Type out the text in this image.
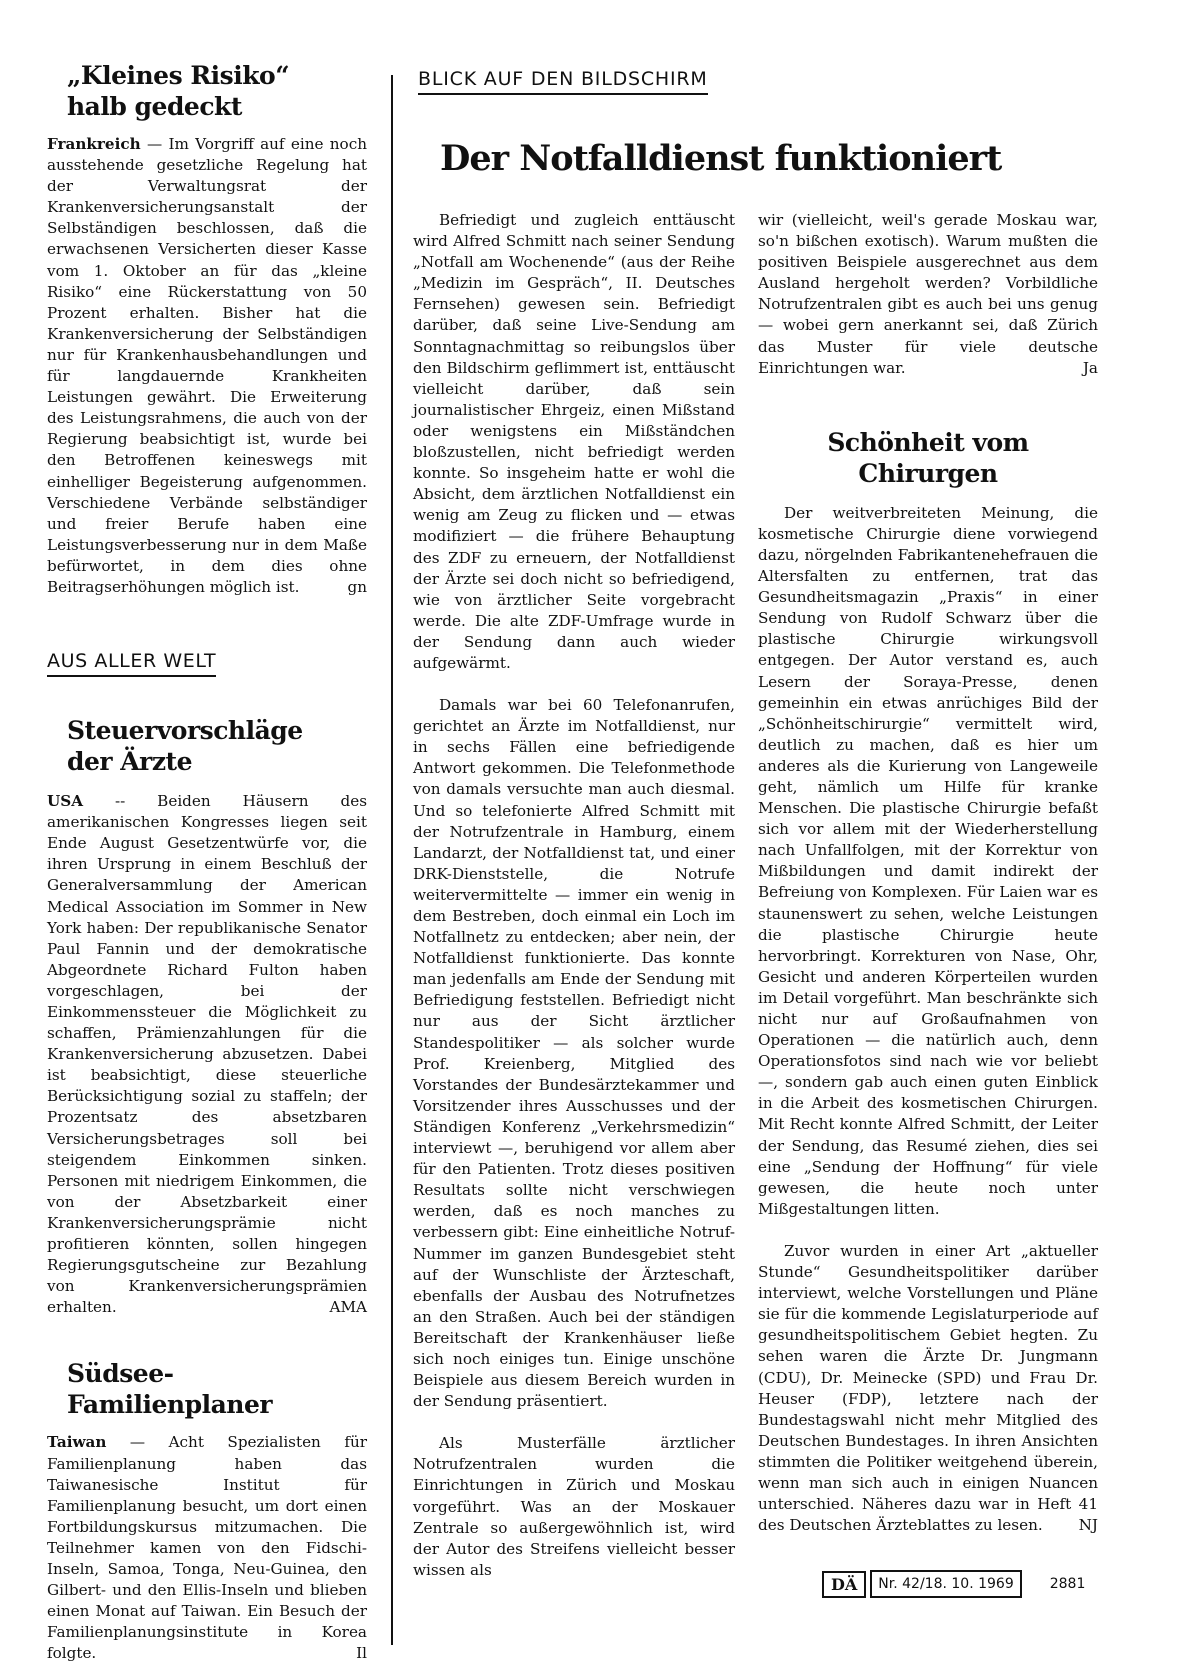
„Kleines Risiko“
halb gedeckt

Frankreich — Im Vorgriff auf eine noch ausstehende gesetzliche Regelung hat der Verwaltungsrat der Krankenversicherungsanstalt der Selbständigen beschlossen, daß die erwachsenen Versicherten dieser Kasse vom 1. Oktober an für das „kleine Risiko“ eine Rückerstattung von 50 Prozent erhalten. Bisher hat die Krankenversicherung der Selbständigen nur für Krankenhausbehandlungen und für langdauernde Krankheiten Leistungen gewährt. Die Erweiterung des Leistungsrahmens, die auch von der Regierung beabsichtigt ist, wurde bei den Betroffenen keineswegs mit einhelliger Begeisterung aufgenommen. Verschiedene Verbände selbständiger und freier Berufe haben eine Leistungsverbesserung nur in dem Maße befürwortet, in dem dies ohne Beitragserhöhungen möglich ist.	gn

AUS ALLER WELT
Steuervorschläge
der Ärzte

USA -- Beiden Häusern des amerikanischen Kongresses liegen seit Ende August Gesetzentwürfe vor, die ihren Ursprung in einem Beschluß der Generalversammlung der American Medical Association im Sommer in New York haben: Der republikanische Senator Paul Fannin und der demokratische Abgeordnete Richard Fulton haben vorgeschlagen, bei der Einkommenssteuer die Möglichkeit zu schaffen, Prämienzahlungen für die Krankenversicherung abzusetzen. Dabei ist beabsichtigt, diese steuerliche Berücksichtigung sozial zu staffeln; der Prozentsatz des absetzbaren Versicherungsbetrages soll bei steigendem Einkommen sinken. Personen mit niedrigem Einkommen, die von der Absetzbarkeit einer Krankenversicherungsprämie nicht profitieren könnten, sollen hingegen Regierungsgutscheine zur Bezahlung von Krankenversicherungsprämien erhalten.	AMA

Südsee-Familienplaner

Taiwan — Acht Spezialisten für Familienplanung haben das Taiwanesische Institut für Familienplanung besucht, um dort einen Fortbildungskursus mitzumachen. Die Teilnehmer kamen von den Fidschi-Inseln, Samoa, Tonga, Neu-Guinea, den Gilbert- und den Ellis-Inseln und blieben einen Monat auf Taiwan. Ein Besuch der Familienplanungsinstitute in Korea folgte.	Il

BLICK AUF DEN BILDSCHIRM
Der Notfalldienst funktioniert

Befriedigt und zugleich enttäuscht wird Alfred Schmitt nach seiner Sendung „Notfall am Wochenende“ (aus der Reihe „Medizin im Gespräch“, II. Deutsches Fernsehen) gewesen sein. Befriedigt darüber, daß seine Live-Sendung am Sonntagnachmittag so reibungslos über den Bildschirm geflimmert ist, enttäuscht vielleicht darüber, daß sein journalistischer Ehrgeiz, einen Mißstand oder wenigstens ein Mißständchen bloßzustellen, nicht befriedigt werden konnte. So insgeheim hatte er wohl die Absicht, dem ärztlichen Notfalldienst ein wenig am Zeug zu flicken und — etwas modifiziert — die frühere Behauptung des ZDF zu erneuern, der Notfalldienst der Ärzte sei doch nicht so befriedigend, wie von ärztlicher Seite vorgebracht werde. Die alte ZDF-Umfrage wurde in der Sendung dann auch wieder aufgewärmt.

Damals war bei 60 Telefonanrufen, gerichtet an Ärzte im Notfalldienst, nur in sechs Fällen eine befriedigende Antwort gekommen. Die Telefonmethode von damals versuchte man auch diesmal. Und so telefonierte Alfred Schmitt mit der Notrufzentrale in Hamburg, einem Landarzt, der Notfalldienst tat, und einer DRK-Dienststelle, die Notrufe weitervermittelte — immer ein wenig in dem Bestreben, doch einmal ein Loch im Notfallnetz zu entdecken; aber nein, der Notfalldienst funktionierte. Das konnte man jedenfalls am Ende der Sendung mit Befriedigung feststellen. Befriedigt nicht nur aus der Sicht ärztlicher Standespolitiker — als solcher wurde Prof. Kreienberg, Mitglied des Vorstandes der Bundesärztekammer und Vorsitzender ihres Ausschusses und der Ständigen Konferenz „Verkehrsmedizin“ interviewt —, beruhigend vor allem aber für den Patienten. Trotz dieses positiven Resultats sollte nicht verschwiegen werden, daß es noch manches zu verbessern gibt: Eine einheitliche Notruf-Nummer im ganzen Bundesgebiet steht auf der Wunschliste der Ärzteschaft, ebenfalls der Ausbau des Notrufnetzes an den Straßen. Auch bei der ständigen Bereitschaft der Krankenhäuser ließe sich noch einiges tun. Einige unschöne Beispiele aus diesem Bereich wurden in der Sendung präsentiert.

Als Musterfälle ärztlicher Notrufzentralen wurden die Einrichtungen in Zürich und Moskau vorgeführt. Was an der Moskauer Zentrale so außergewöhnlich ist, wird der Autor des Streifens vielleicht besser wissen als

wir (vielleicht, weil's gerade Moskau war, so'n bißchen exotisch). Warum mußten die positiven Beispiele ausgerechnet aus dem Ausland hergeholt werden? Vorbildliche Notrufzentralen gibt es auch bei uns genug — wobei gern anerkannt sei, daß Zürich das Muster für viele deutsche Einrichtungen war.	Ja

Schönheit vom Chirurgen

Der weitverbreiteten Meinung, die kosmetische Chirurgie diene vorwiegend dazu, nörgelnden Fabrikantenehefrauen die Altersfalten zu entfernen, trat das Gesundheitsmagazin „Praxis“ in einer Sendung von Rudolf Schwarz über die plastische Chirurgie wirkungsvoll entgegen. Der Autor verstand es, auch Lesern der Soraya-Presse, denen gemeinhin ein etwas anrüchiges Bild der „Schönheitschirurgie“ vermittelt wird, deutlich zu machen, daß es hier um anderes als die Kurierung von Langeweile geht, nämlich um Hilfe für kranke Menschen. Die plastische Chirurgie befaßt sich vor allem mit der Wiederherstellung nach Unfallfolgen, mit der Korrektur von Mißbildungen und damit indirekt der Befreiung von Komplexen. Für Laien war es staunenswert zu sehen, welche Leistungen die plastische Chirurgie heute hervorbringt. Korrekturen von Nase, Ohr, Gesicht und anderen Körperteilen wurden im Detail vorgeführt. Man beschränkte sich nicht nur auf Großaufnahmen von Operationen — die natürlich auch, denn Operationsfotos sind nach wie vor beliebt —, sondern gab auch einen guten Einblick in die Arbeit des kosmetischen Chirurgen. Mit Recht konnte Alfred Schmitt, der Leiter der Sendung, das Resumé ziehen, dies sei eine „Sendung der Hoffnung“ für viele gewesen, die heute noch unter Mißgestaltungen litten.

Zuvor wurden in einer Art „aktueller Stunde“ Gesundheitspolitiker darüber interviewt, welche Vorstellungen und Pläne sie für die kommende Legislaturperiode auf gesundheitspolitischem Gebiet hegten. Zu sehen waren die Ärzte Dr. Jungmann (CDU), Dr. Meinecke (SPD) und Frau Dr. Heuser (FDP), letztere nach der Bundestagswahl nicht mehr Mitglied des Deutschen Bundestages. In ihren Ansichten stimmten die Politiker weitgehend überein, wenn man sich auch in einigen Nuancen unterschied. Näheres dazu war in Heft 41 des Deutschen Ärzteblattes zu lesen.	NJ

DÄ	Nr. 42/18. 10. 1969	2881
